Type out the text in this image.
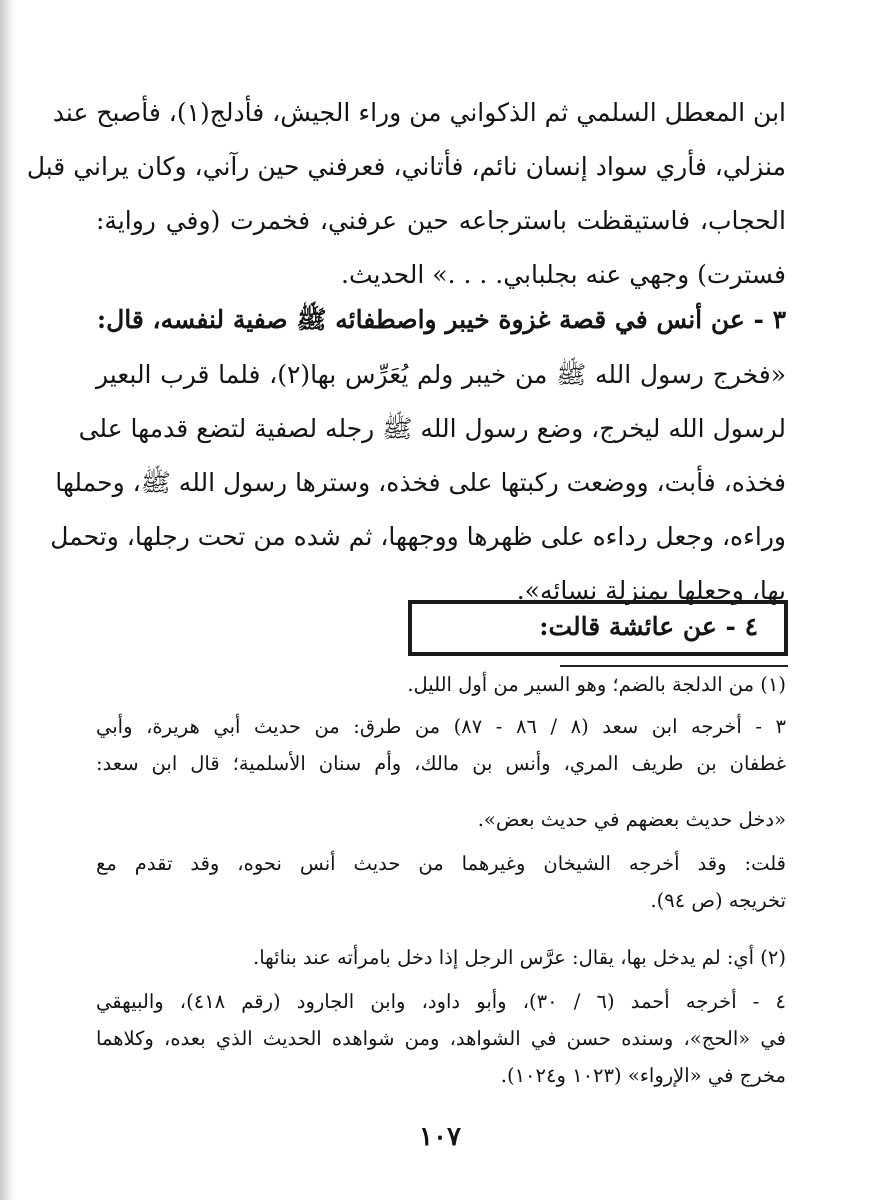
ابن المعطل السلمي ثم الذكواني من وراء الجيش، فأدلج(١)، فأصبح عند
منزلي، فأري سواد إنسان نائم، فأتاني، فعرفني حين رآني، وكان يراني قبل
الحجاب، فاستيقظت باسترجاعه حين عرفني، فخمرت (وفي رواية:
فسترت) وجهي عنه بجلبابي. . . .» الحديث.
٣ - عن أنس في قصة غزوة خيبر واصطفائه ﷺ صفية لنفسه، قال:
«فخرج رسول الله ﷺ من خيبر ولم يُعَرِّس بها(٢)، فلما قرب البعير
لرسول الله ليخرج، وضع رسول الله ﷺ رجله لصفية لتضع قدمها على
فخذه، فأبت، ووضعت ركبتها على فخذه، وسترها رسول الله ﷺ، وحملها
وراءه، وجعل رداءه على ظهرها ووجهها، ثم شده من تحت رجلها، وتحمل
بها، وجعلها بمنزلة نسائه».
٤ - عن عائشة قالت:
(١) من الدلجة بالضم؛ وهو السير من أول الليل.
٣ - أخرجه ابن سعد (٨ / ٨٦ - ٨٧) من طرق: من حديث أبي هريرة، وأبي
غطفان بن طريف المري، وأنس بن مالك، وأم سنان الأسلمية؛ قال ابن سعد:
«دخل حديث بعضهم في حديث بعض».
قلت: وقد أخرجه الشيخان وغيرهما من حديث أنس نحوه، وقد تقدم مع
تخريجه (ص ٩٤).
(٢) أي: لم يدخل بها، يقال: عرَّس الرجل إذا دخل بامرأته عند بنائها.
٤ - أخرجه أحمد (٦ / ٣٠)، وأبو داود، وابن الجارود (رقم ٤١٨)، والبيهقي
في «الحج»، وسنده حسن في الشواهد، ومن شواهده الحديث الذي بعده، وكلاهما
مخرج في «الإرواء» (١٠٢٣ و١٠٢٤).
١٠٧
